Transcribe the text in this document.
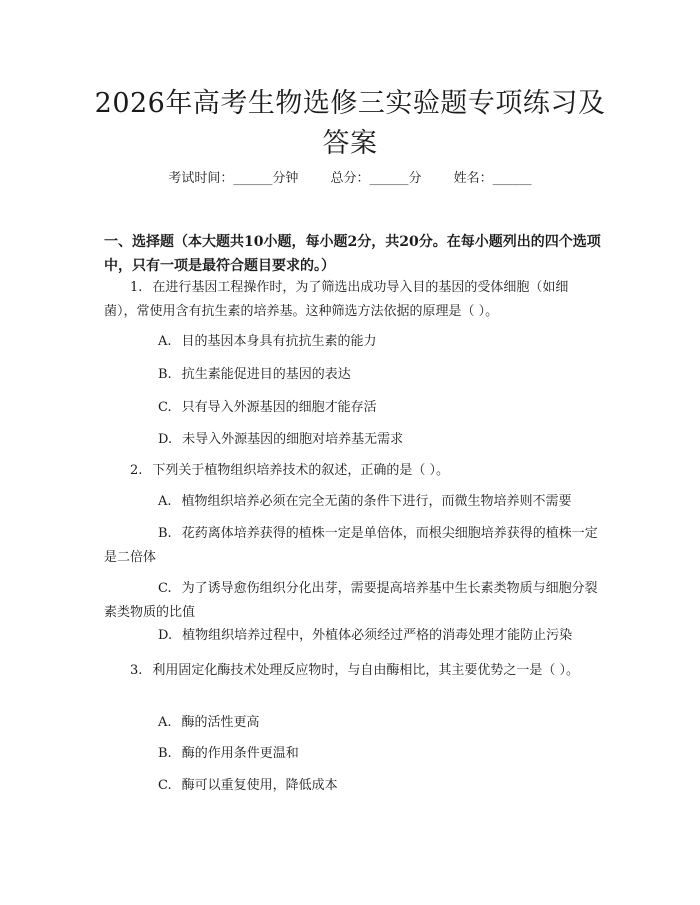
2026年高考生物选修三实验题专项练习及答案
考试时间：______分钟 总分：______分 姓名：______
一、选择题（本大题共10小题，每小题2分，共20分。在每小题列出的四个选项中，只有一项是最符合题目要求的。）
1. 在进行基因工程操作时，为了筛选出成功导入目的基因的受体细胞（如细菌），常使用含有抗生素的培养基。这种筛选方法依据的原理是（ ）。
A. 目的基因本身具有抗抗生素的能力
B. 抗生素能促进目的基因的表达
C. 只有导入外源基因的细胞才能存活
D. 未导入外源基因的细胞对培养基无需求
2. 下列关于植物组织培养技术的叙述，正确的是（ ）。
A. 植物组织培养必须在完全无菌的条件下进行，而微生物培养则不需要
B. 花药离体培养获得的植株一定是单倍体，而根尖细胞培养获得的植株一定是二倍体
C. 为了诱导愈伤组织分化出芽，需要提高培养基中生长素类物质与细胞分裂素类物质的比值
D. 植物组织培养过程中，外植体必须经过严格的消毒处理才能防止污染
3. 利用固定化酶技术处理反应物时，与自由酶相比，其主要优势之一是（ ）。
A. 酶的活性更高
B. 酶的作用条件更温和
C. 酶可以重复使用，降低成本
